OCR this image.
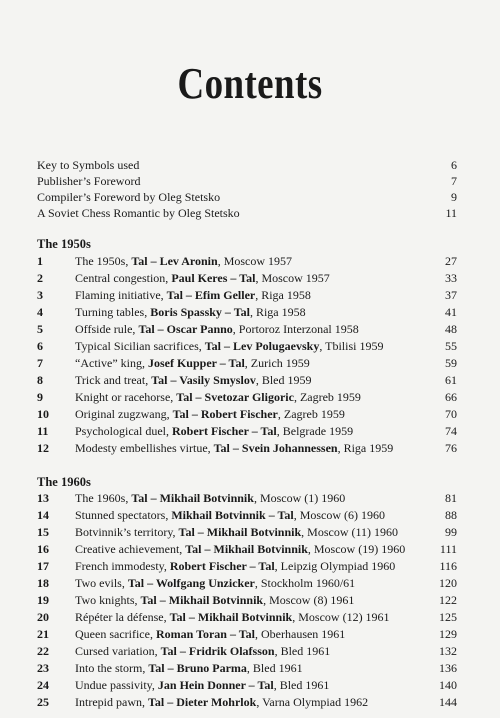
Contents
Key to Symbols used	6
Publisher’s Foreword	7
Compiler’s Foreword by Oleg Stetsko	9
A Soviet Chess Romantic by Oleg Stetsko	11
The 1950s
1	The 1950s, Tal – Lev Aronin, Moscow 1957	27
2	Central congestion, Paul Keres – Tal, Moscow 1957	33
3	Flaming initiative, Tal – Efim Geller, Riga 1958	37
4	Turning tables, Boris Spassky – Tal, Riga 1958	41
5	Offside rule, Tal – Oscar Panno, Portoroz Interzonal 1958	48
6	Typical Sicilian sacrifices, Tal – Lev Polugaevsky, Tbilisi 1959	55
7	“Active” king, Josef Kupper – Tal, Zurich 1959	59
8	Trick and treat, Tal – Vasily Smyslov, Bled 1959	61
9	Knight or racehorse, Tal – Svetozar Gligoric, Zagreb 1959	66
10	Original zugzwang, Tal – Robert Fischer, Zagreb 1959	70
11	Psychological duel, Robert Fischer – Tal, Belgrade 1959	74
12	Modesty embellishes virtue, Tal – Svein Johannessen, Riga 1959	76
The 1960s
13	The 1960s, Tal – Mikhail Botvinnik, Moscow (1) 1960	81
14	Stunned spectators, Mikhail Botvinnik – Tal, Moscow (6) 1960	88
15	Botvinnik’s territory, Tal – Mikhail Botvinnik, Moscow (11) 1960	99
16	Creative achievement, Tal – Mikhail Botvinnik, Moscow (19) 1960	111
17	French immodesty, Robert Fischer – Tal, Leipzig Olympiad 1960	116
18	Two evils, Tal – Wolfgang Unzicker, Stockholm 1960/61	120
19	Two knights, Tal – Mikhail Botvinnik, Moscow (8) 1961	122
20	Répéter la défense, Tal – Mikhail Botvinnik, Moscow (12) 1961	125
21	Queen sacrifice, Roman Toran – Tal, Oberhausen 1961	129
22	Cursed variation, Tal – Fridrik Olafsson, Bled 1961	132
23	Into the storm, Tal – Bruno Parma, Bled 1961	136
24	Undue passivity, Jan Hein Donner – Tal, Bled 1961	140
25	Intrepid pawn, Tal – Dieter Mohrlok, Varna Olympiad 1962	144
